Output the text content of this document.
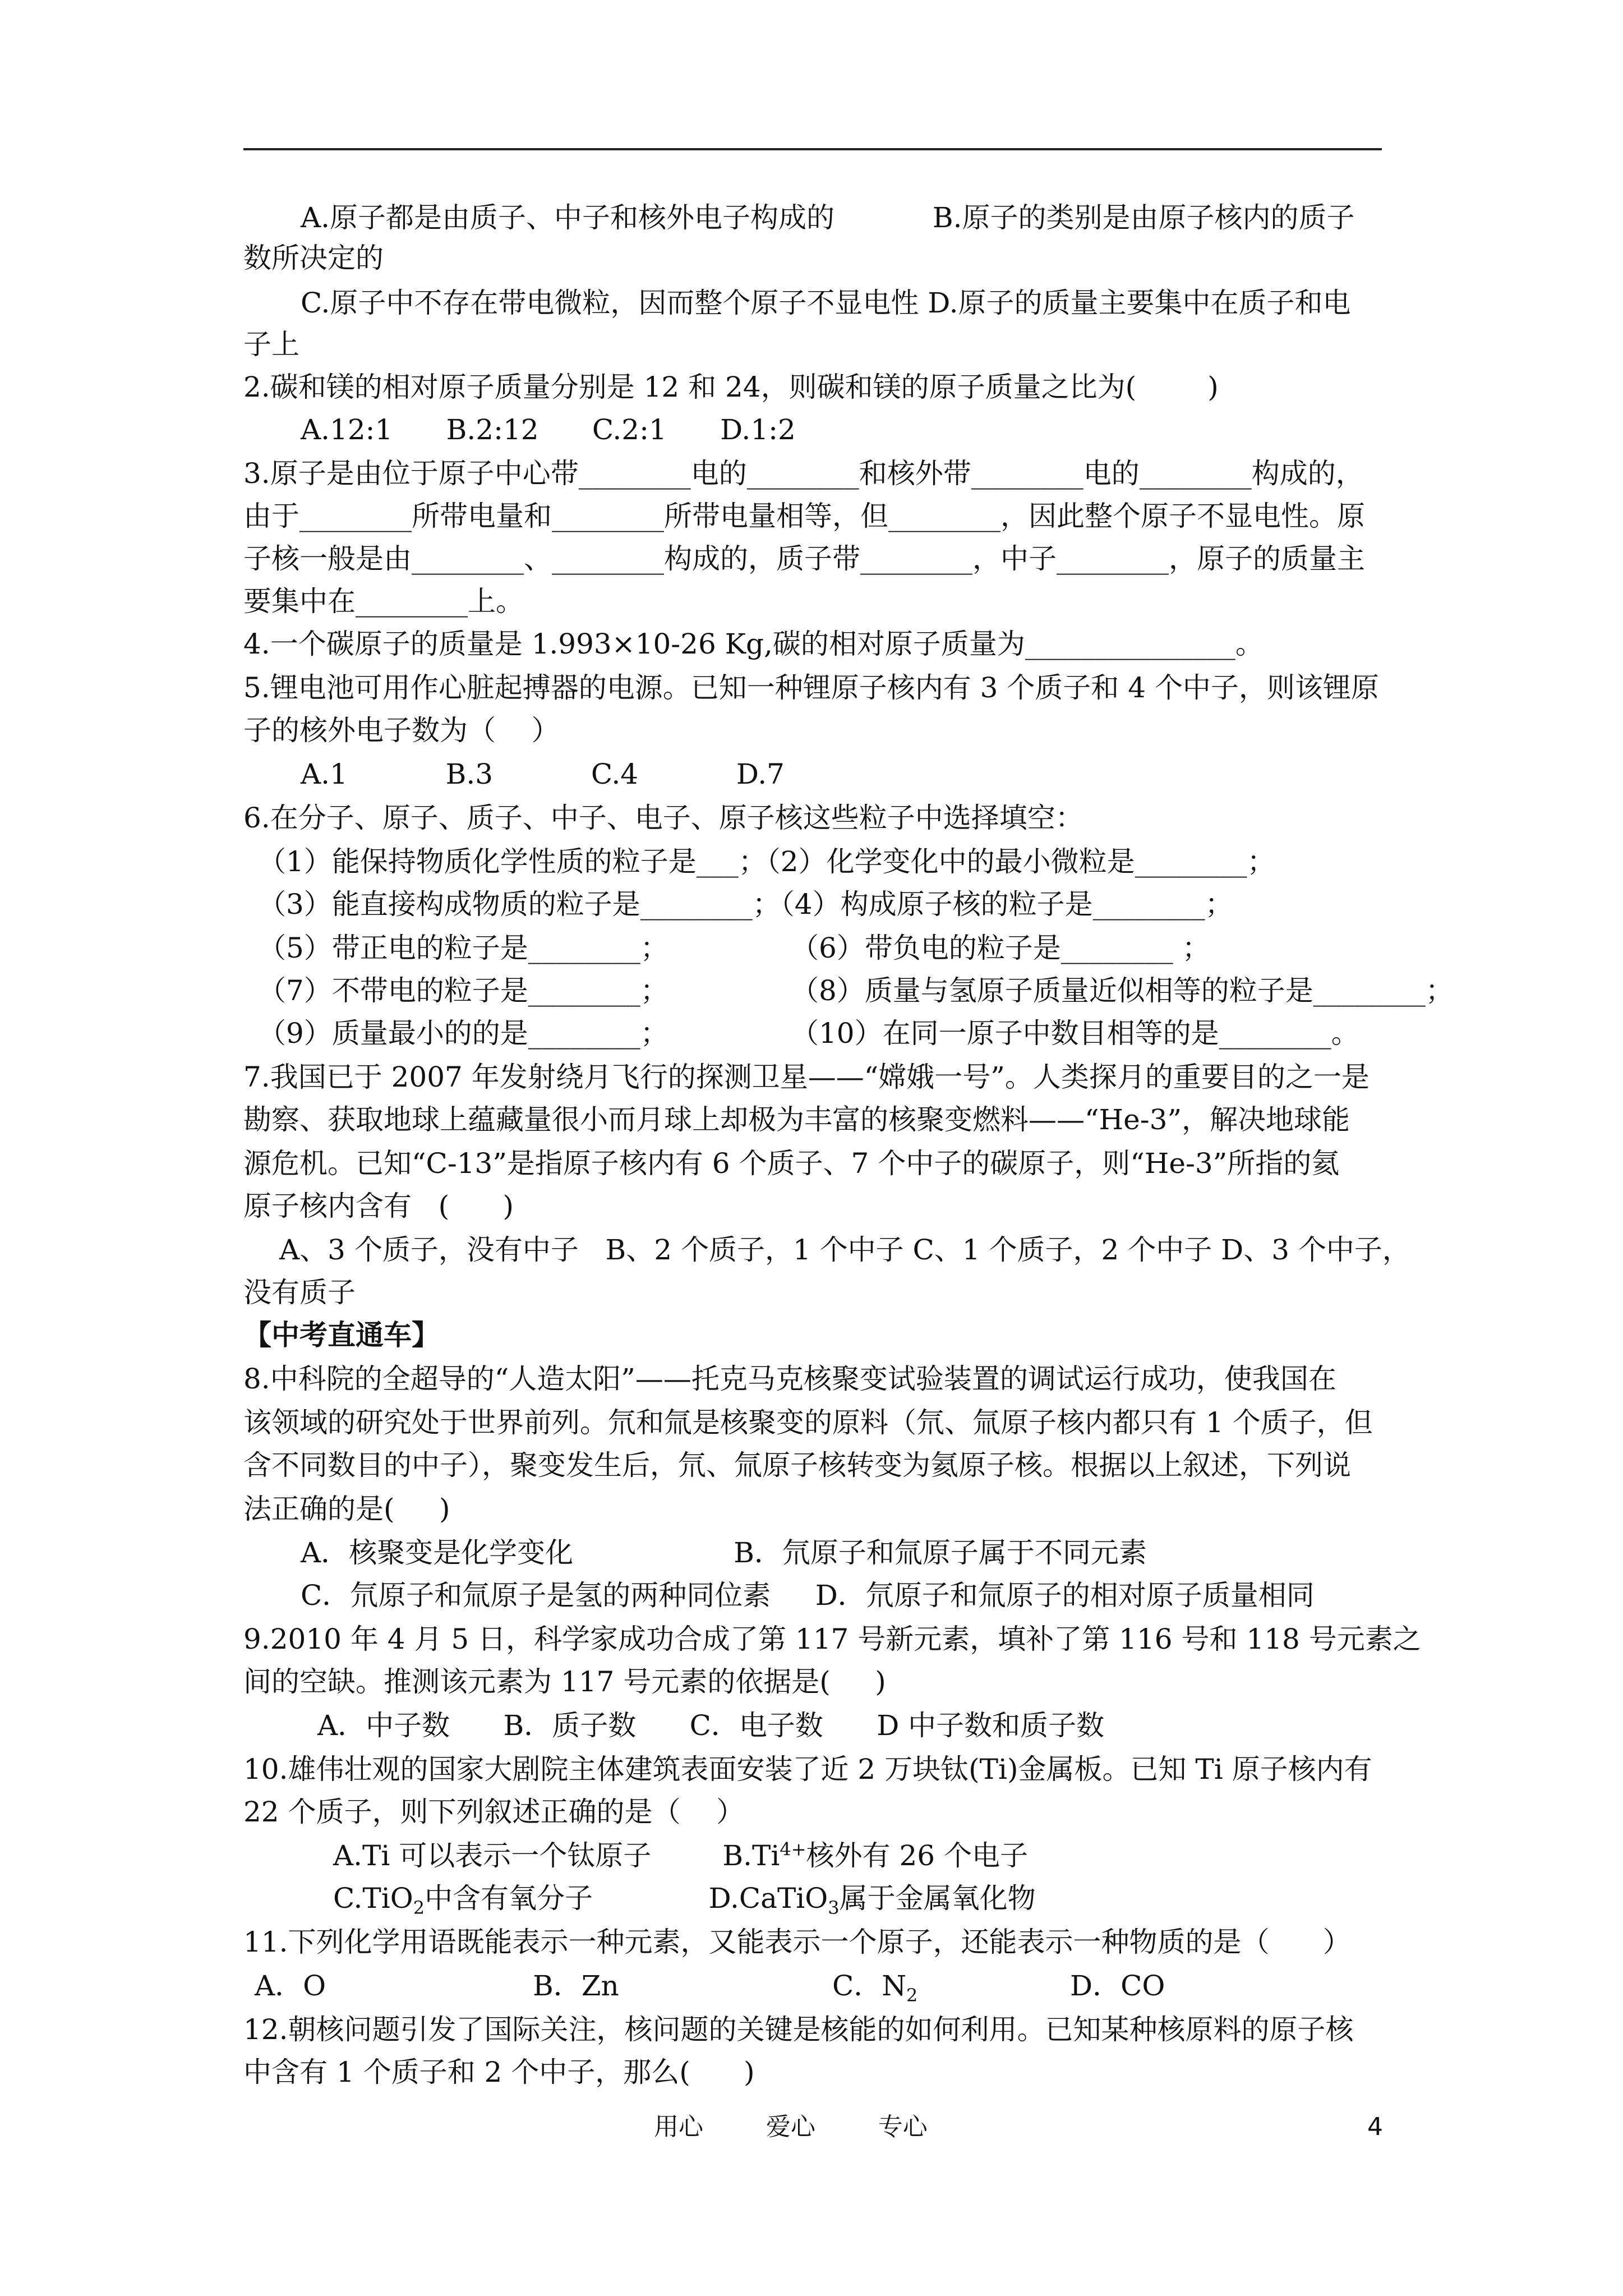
A.原子都是由质子、中子和核外电子构成的           B.原子的类别是由原子核内的质子
数所决定的
C.原子中不存在带电微粒，因而整个原子不显电性 D.原子的质量主要集中在质子和电
子上
2.碳和镁的相对原子质量分别是 12 和 24，则碳和镁的原子质量之比为(        )
A.12:1      B.2:12      C.2:1      D.1:2
3.原子是由位于原子中心带________电的________和核外带________电的________构成的，
由于________所带电量和________所带电量相等，但________，因此整个原子不显电性。原
子核一般是由________、________构成的，质子带________，中子________，原子的质量主
要集中在________上。
4.一个碳原子的质量是 1.993×10-26 Kg,碳的相对原子质量为_______________。
5.锂电池可用作心脏起搏器的电源。已知一种锂原子核内有 3 个质子和 4 个中子，则该锂原
子的核外电子数为（    ）
A.1           B.3           C.4           D.7
6.在分子、原子、质子、中子、电子、原子核这些粒子中选择填空：
（1）能保持物质化学性质的粒子是___；（2）化学变化中的最小微粒是________；
（3）能直接构成物质的粒子是________；（4）构成原子核的粒子是________；
（5）带正电的粒子是________；	（6）带负电的粒子是________ ；
（7）不带电的粒子是________；	（8）质量与氢原子质量近似相等的粒子是________；
（9）质量最小的的是________；	（10）在同一原子中数目相等的是________。
7.我国已于 2007 年发射绕月飞行的探测卫星——“嫦娥一号”。人类探月的重要目的之一是
勘察、获取地球上蕴藏量很小而月球上却极为丰富的核聚变燃料——“He-3”，解决地球能
源危机。已知“C-13”是指原子核内有 6 个质子、7 个中子的碳原子，则“He-3”所指的氦
原子核内含有   (      )
A、3 个质子，没有中子   B、2 个质子，1 个中子 C、1 个质子，2 个中子 D、3 个中子，
没有质子
【中考直通车】
8.中科院的全超导的“人造太阳”——托克马克核聚变试验装置的调试运行成功，使我国在
该领域的研究处于世界前列。氘和氚是核聚变的原料（氘、氚原子核内都只有 1 个质子，但
含不同数目的中子），聚变发生后，氘、氚原子核转变为氦原子核。根据以上叙述，下列说
法正确的是(     )
A．核聚变是化学变化                  B．氘原子和氚原子属于不同元素
C．氘原子和氚原子是氢的两种同位素     D．氘原子和氚原子的相对原子质量相同
9.2010 年 4 月 5 日，科学家成功合成了第 117 号新元素，填补了第 116 号和 118 号元素之
间的空缺。推测该元素为 117 号元素的依据是(     )
A．中子数      B．质子数      C．电子数      D 中子数和质子数
10.雄伟壮观的国家大剧院主体建筑表面安装了近 2 万块钛(Ti)金属板。已知 Ti 原子核内有
22 个质子，则下列叙述正确的是（    ）
A.Ti 可以表示一个钛原子        $B.Ti^{4+}$核外有 26 个电子
C.TiO$_2$中含有氧分子             D.CaTiO$_3$属于金属氧化物
11.下列化学用语既能表示一种元素，又能表示一个原子，还能表示一种物质的是（      ）
A．O	B．Zn	C．$N_2$	D．CO
12.朝核问题引发了国际关注，核问题的关键是核能的如何利用。已知某种核原料的原子核
中含有 1 个质子和 2 个中子，那么(      )
用心        爱心        专心	4
